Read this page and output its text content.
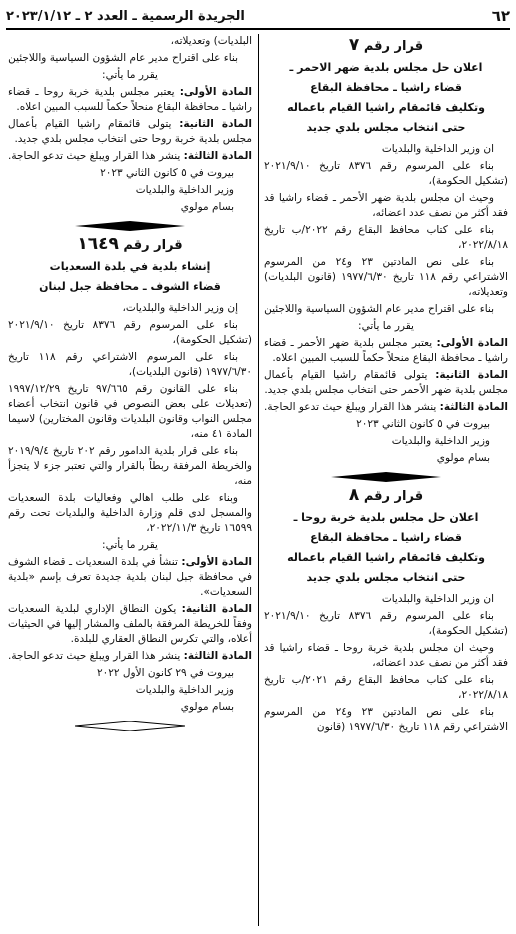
٦٢
الجريدة الرسمية ـ العدد ٢ ـ ٢٠٢٣/١/١٢
قرار رقم ٧
اعلان حل مجلس بلدية ضهر الاحمر ـ
قضاء راشيا ـ محافظة البقاع
وتكليف قائمقام راشيا القيام باعماله
حتى انتخاب مجلس بلدي جديد

ان وزير الداخلية والبلديات

بناء على المرسوم رقم ٨٣٧٦ تاريخ ٢٠٢١/٩/١٠ (تشكيل الحكومة)،

وحيث ان مجلس بلدية ضهر الأحمر ـ قضاء راشيا قد فقد أكثر من نصف عدد اعضائه،

بناء على كتاب محافظ البقاع رقم ٢٠٢٢/ب تاريخ ٢٠٢٢/٨/١٨،

بناء على نص المادتين ٢٣ و٢٤ من المرسوم الاشتراعي رقم ١١٨ تاريخ ١٩٧٧/٦/٣٠ (قانون البلديات) وتعديلاته،

بناء على اقتراح مدير عام الشؤون السياسية واللاجئين

يقرر ما يأتي:

المادة الأولى: يعتبر مجلس بلدية ضهر الأحمر ـ قضاء راشيا ـ محافظة البقاع منحلاً حكماً للسبب المبين اعلاه.

المادة الثانية: يتولى قائمقام راشيا القيام بأعمال مجلس بلدية ضهر الأحمر حتى انتخاب مجلس بلدي جديد.

المادة الثالثة: ينشر هذا القرار ويبلغ حيث تدعو الحاجة.

بيروت في ٥ كانون الثاني ٢٠٢٣

وزير الداخلية والبلديات

بسام مولوي

قرار رقم ٨
اعلان حل مجلس بلدية خربة روحا ـ
قضاء راشيا ـ محافظة البقاع
وتكليف قائمقام راشيا القيام باعماله
حتى انتخاب مجلس بلدي جديد

ان وزير الداخلية والبلديات

بناء على المرسوم رقم ٨٣٧٦ تاريخ ٢٠٢١/٩/١٠ (تشكيل الحكومة)،

وحيث ان مجلس بلدية خربة روحا ـ قضاء راشيا قد فقد أكثر من نصف عدد اعضائه،

بناء على كتاب محافظ البقاع رقم ٢٠٢١/ب تاريخ ٢٠٢٢/٨/١٨،

بناء على نص المادتين ٢٣ و٢٤ من المرسوم الاشتراعي رقم ١١٨ تاريخ ١٩٧٧/٦/٣٠ (قانون

البلديات) وتعديلاته،

بناء على اقتراح مدير عام الشؤون السياسية واللاجئين

يقرر ما يأتي:

المادة الأولى: يعتبر مجلس بلدية خربة روحا ـ قضاء راشيا ـ محافظة البقاع منحلاً حكماً للسبب المبين اعلاه.

المادة الثانية: يتولى قائمقام راشيا القيام بأعمال مجلس بلدية خربة روحا حتى انتخاب مجلس بلدي جديد.

المادة الثالثة: ينشر هذا القرار ويبلغ حيث تدعو الحاجة.

بيروت في ٥ كانون الثاني ٢٠٢٣

وزير الداخلية والبلديات

بسام مولوي

قرار رقم ١٦٤٩
إنشاء بلدية في بلدة السعديات
قضاء الشوف ـ محافظة جبل لبنان

إن وزير الداخلية والبلديات،

بناء على المرسوم رقم ٨٣٧٦ تاريخ ٢٠٢١/٩/١٠ (تشكيل الحكومة)،

بناء على المرسوم الاشتراعي رقم ١١٨ تاريخ ١٩٧٧/٦/٣٠ (قانون البلديات)،

بناء على القانون رقم ٩٧/٦٦٥ تاريخ ١٩٩٧/١٢/٢٩ (تعديلات على بعض النصوص في قانون انتخاب أعضاء مجلس النواب وقانون البلديات وقانون المختارين) لاسيما المادة ٤١ منه،

بناء على قرار بلدية الدامور رقم ٢٠٢ تاريخ ٢٠١٩/٩/٤ والخريطة المرفقة ربطاً بالقرار والتي تعتبر جزء لا يتجزأ منه،

وبناء على طلب اهالي وفعاليات بلدة السعديات والمسجل لدى قلم وزارة الداخلية والبلديات تحت رقم ١٦٥٩٩ تاريخ ٢٠٢٢/١١/٣،

يقرر ما يأتي:

المادة الأولى: تنشأ في بلدة السعديات ـ قضاء الشوف في محافظة جبل لبنان بلدية جديدة تعرف بإسم «بلدية السعديات».

المادة الثانية: يكون النطاق الإداري لبلدية السعديات وفقاً للخريطة المرفقة بالملف والمشار إليها في الحيثيات أعلاه، والتي تكرس النطاق العقاري للبلدة.

المادة الثالثة: ينشر هذا القرار ويبلغ حيث تدعو الحاجة.

بيروت في ٢٩ كانون الأول ٢٠٢٢

وزير الداخلية والبلديات

بسام مولوي
